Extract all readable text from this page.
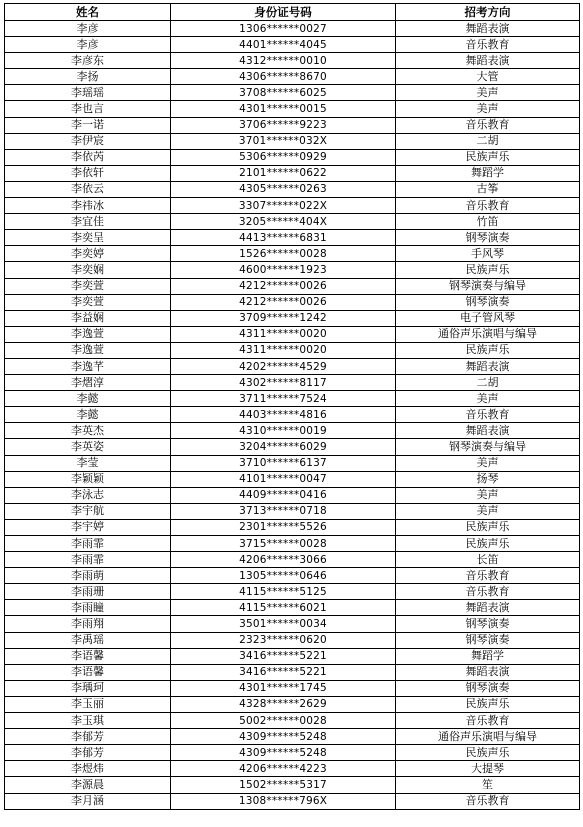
姓名	身份证号码	招考方向
李彦	1306******0027	舞蹈表演
李彦	4401******4045	音乐教育
李彦东	4312******0010	舞蹈表演
李扬	4306******8670	大管
李瑶瑶	3708******6025	美声
李也言	4301******0015	美声
李一诺	3706******9223	音乐教育
李伊宸	3701******032X	二胡
李依芮	5306******0929	民族声乐
李依轩	2101******0622	舞蹈学
李依云	4305******0263	古筝
李祎冰	3307******022X	音乐教育
李宜佳	3205******404X	竹笛
李奕呈	4413******6831	钢琴演奏
李奕婷	1526******0028	手风琴
李奕娴	4600******1923	民族声乐
李奕萱	4212******0026	钢琴演奏与编导
李奕萱	4212******0026	钢琴演奏
李益娴	3709******1242	电子管风琴
李逸萱	4311******0020	通俗声乐演唱与编导
李逸萱	4311******0020	民族声乐
李逸芊	4202******4529	舞蹈表演
李熠淳	4302******8117	二胡
李懿	3711******7524	美声
李懿	4403******4816	音乐教育
李英杰	4310******0019	舞蹈表演
李英姿	3204******6029	钢琴演奏与编导
李莹	3710******6137	美声
李颖颖	4101******0047	扬琴
李泳志	4409******0416	美声
李宇航	3713******0718	美声
李宇婷	2301******5526	民族声乐
李雨霏	3715******0028	民族声乐
李雨霏	4206******3066	长笛
李雨萌	1305******0646	音乐教育
李雨珊	4115******5125	音乐教育
李雨瞳	4115******6021	舞蹈表演
李雨翔	3501******0034	钢琴演奏
李禹瑶	2323******0620	钢琴演奏
李语馨	3416******5221	舞蹈学
李语馨	3416******5221	舞蹈表演
李瑀珂	4301******1745	钢琴演奏
李玉丽	4328******2629	民族声乐
李玉琪	5002******0028	音乐教育
李郁芳	4309******5248	通俗声乐演唱与编导
李郁芳	4309******5248	民族声乐
李煜炜	4206******4223	大提琴
李源晨	1502******5317	笙
李月涵	1308******796X	音乐教育
